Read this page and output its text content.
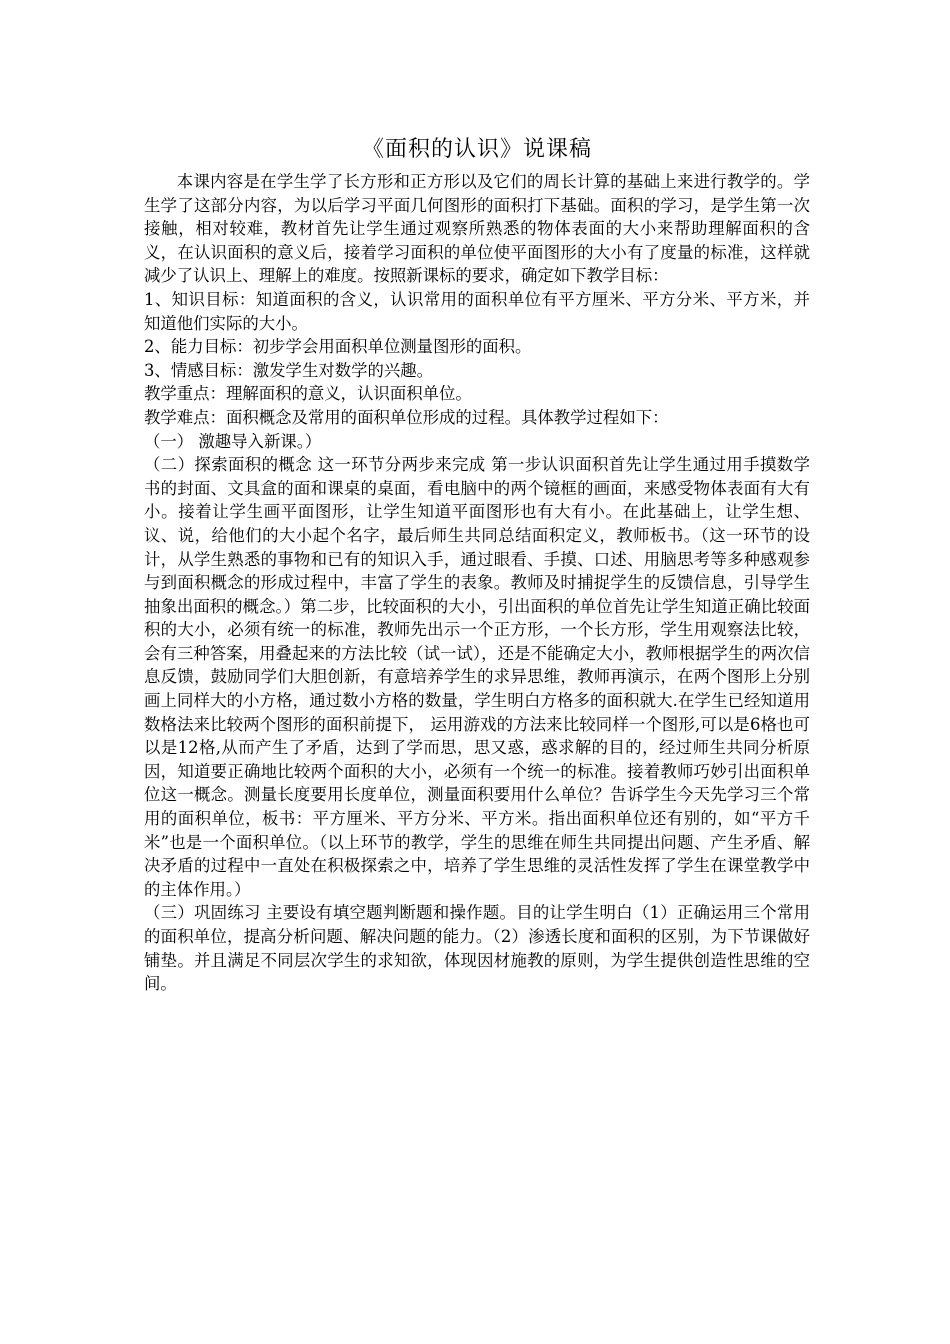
《面积的认识》说课稿

本课内容是在学生学了长方形和正方形以及它们的周长计算的基础上来进行教学的。学生学了这部分内容，为以后学习平面几何图形的面积打下基础。面积的学习，是学生第一次接触，相对较难，教材首先让学生通过观察所熟悉的物体表面的大小来帮助理解面积的含义，在认识面积的意义后，接着学习面积的单位使平面图形的大小有了度量的标准，这样就减少了认识上、理解上的难度。按照新课标的要求，确定如下教学目标：

1、知识目标：知道面积的含义，认识常用的面积单位有平方厘米、平方分米、平方米，并知道他们实际的大小。

2、能力目标：初步学会用面积单位测量图形的面积。

3、情感目标：激发学生对数学的兴趣。

教学重点：理解面积的意义，认识面积单位。

教学难点：面积概念及常用的面积单位形成的过程。具体教学过程如下：

（一） 激趣导入新课。）

（二）探索面积的概念 这一环节分两步来完成 第一步认识面积首先让学生通过用手摸数学书的封面、文具盒的面和课桌的桌面，看电脑中的两个镜框的画面，来感受物体表面有大有小。接着让学生画平面图形，让学生知道平面图形也有大有小。在此基础上，让学生想、议、说，给他们的大小起个名字，最后师生共同总结面积定义，教师板书。（这一环节的设计，从学生熟悉的事物和已有的知识入手，通过眼看、手摸、口述、用脑思考等多种感观参与到面积概念的形成过程中，丰富了学生的表象。教师及时捕捉学生的反馈信息，引导学生抽象出面积的概念。）第二步，比较面积的大小，引出面积的单位首先让学生知道正确比较面积的大小，必须有统一的标准，教师先出示一个正方形，一个长方形，学生用观察法比较，会有三种答案，用叠起来的方法比较（试一试），还是不能确定大小，教师根据学生的两次信息反馈，鼓励同学们大胆创新，有意培养学生的求异思维，教师再演示，在两个图形上分别画上同样大的小方格，通过数小方格的数量，学生明白方格多的面积就大.在学生已经知道用数格法来比较两个图形的面积前提下， 运用游戏的方法来比较同样一个图形,可以是6格也可以是12格,从而产生了矛盾，达到了学而思，思又惑，惑求解的目的，经过师生共同分析原因，知道要正确地比较两个面积的大小，必须有一个统一的标准。接着教师巧妙引出面积单位这一概念。测量长度要用长度单位，测量面积要用什么单位？告诉学生今天先学习三个常用的面积单位，板书：平方厘米、平方分米、平方米。指出面积单位还有别的，如“平方千米”也是一个面积单位。（以上环节的教学，学生的思维在师生共同提出问题、产生矛盾、解决矛盾的过程中一直处在积极探索之中，培养了学生思维的灵活性发挥了学生在课堂教学中的主体作用。）

（三）巩固练习 主要设有填空题判断题和操作题。目的让学生明白（1）正确运用三个常用的面积单位，提高分析问题、解决问题的能力。（2）渗透长度和面积的区别，为下节课做好铺垫。并且满足不同层次学生的求知欲，体现因材施教的原则，为学生提供创造性思维的空间。
